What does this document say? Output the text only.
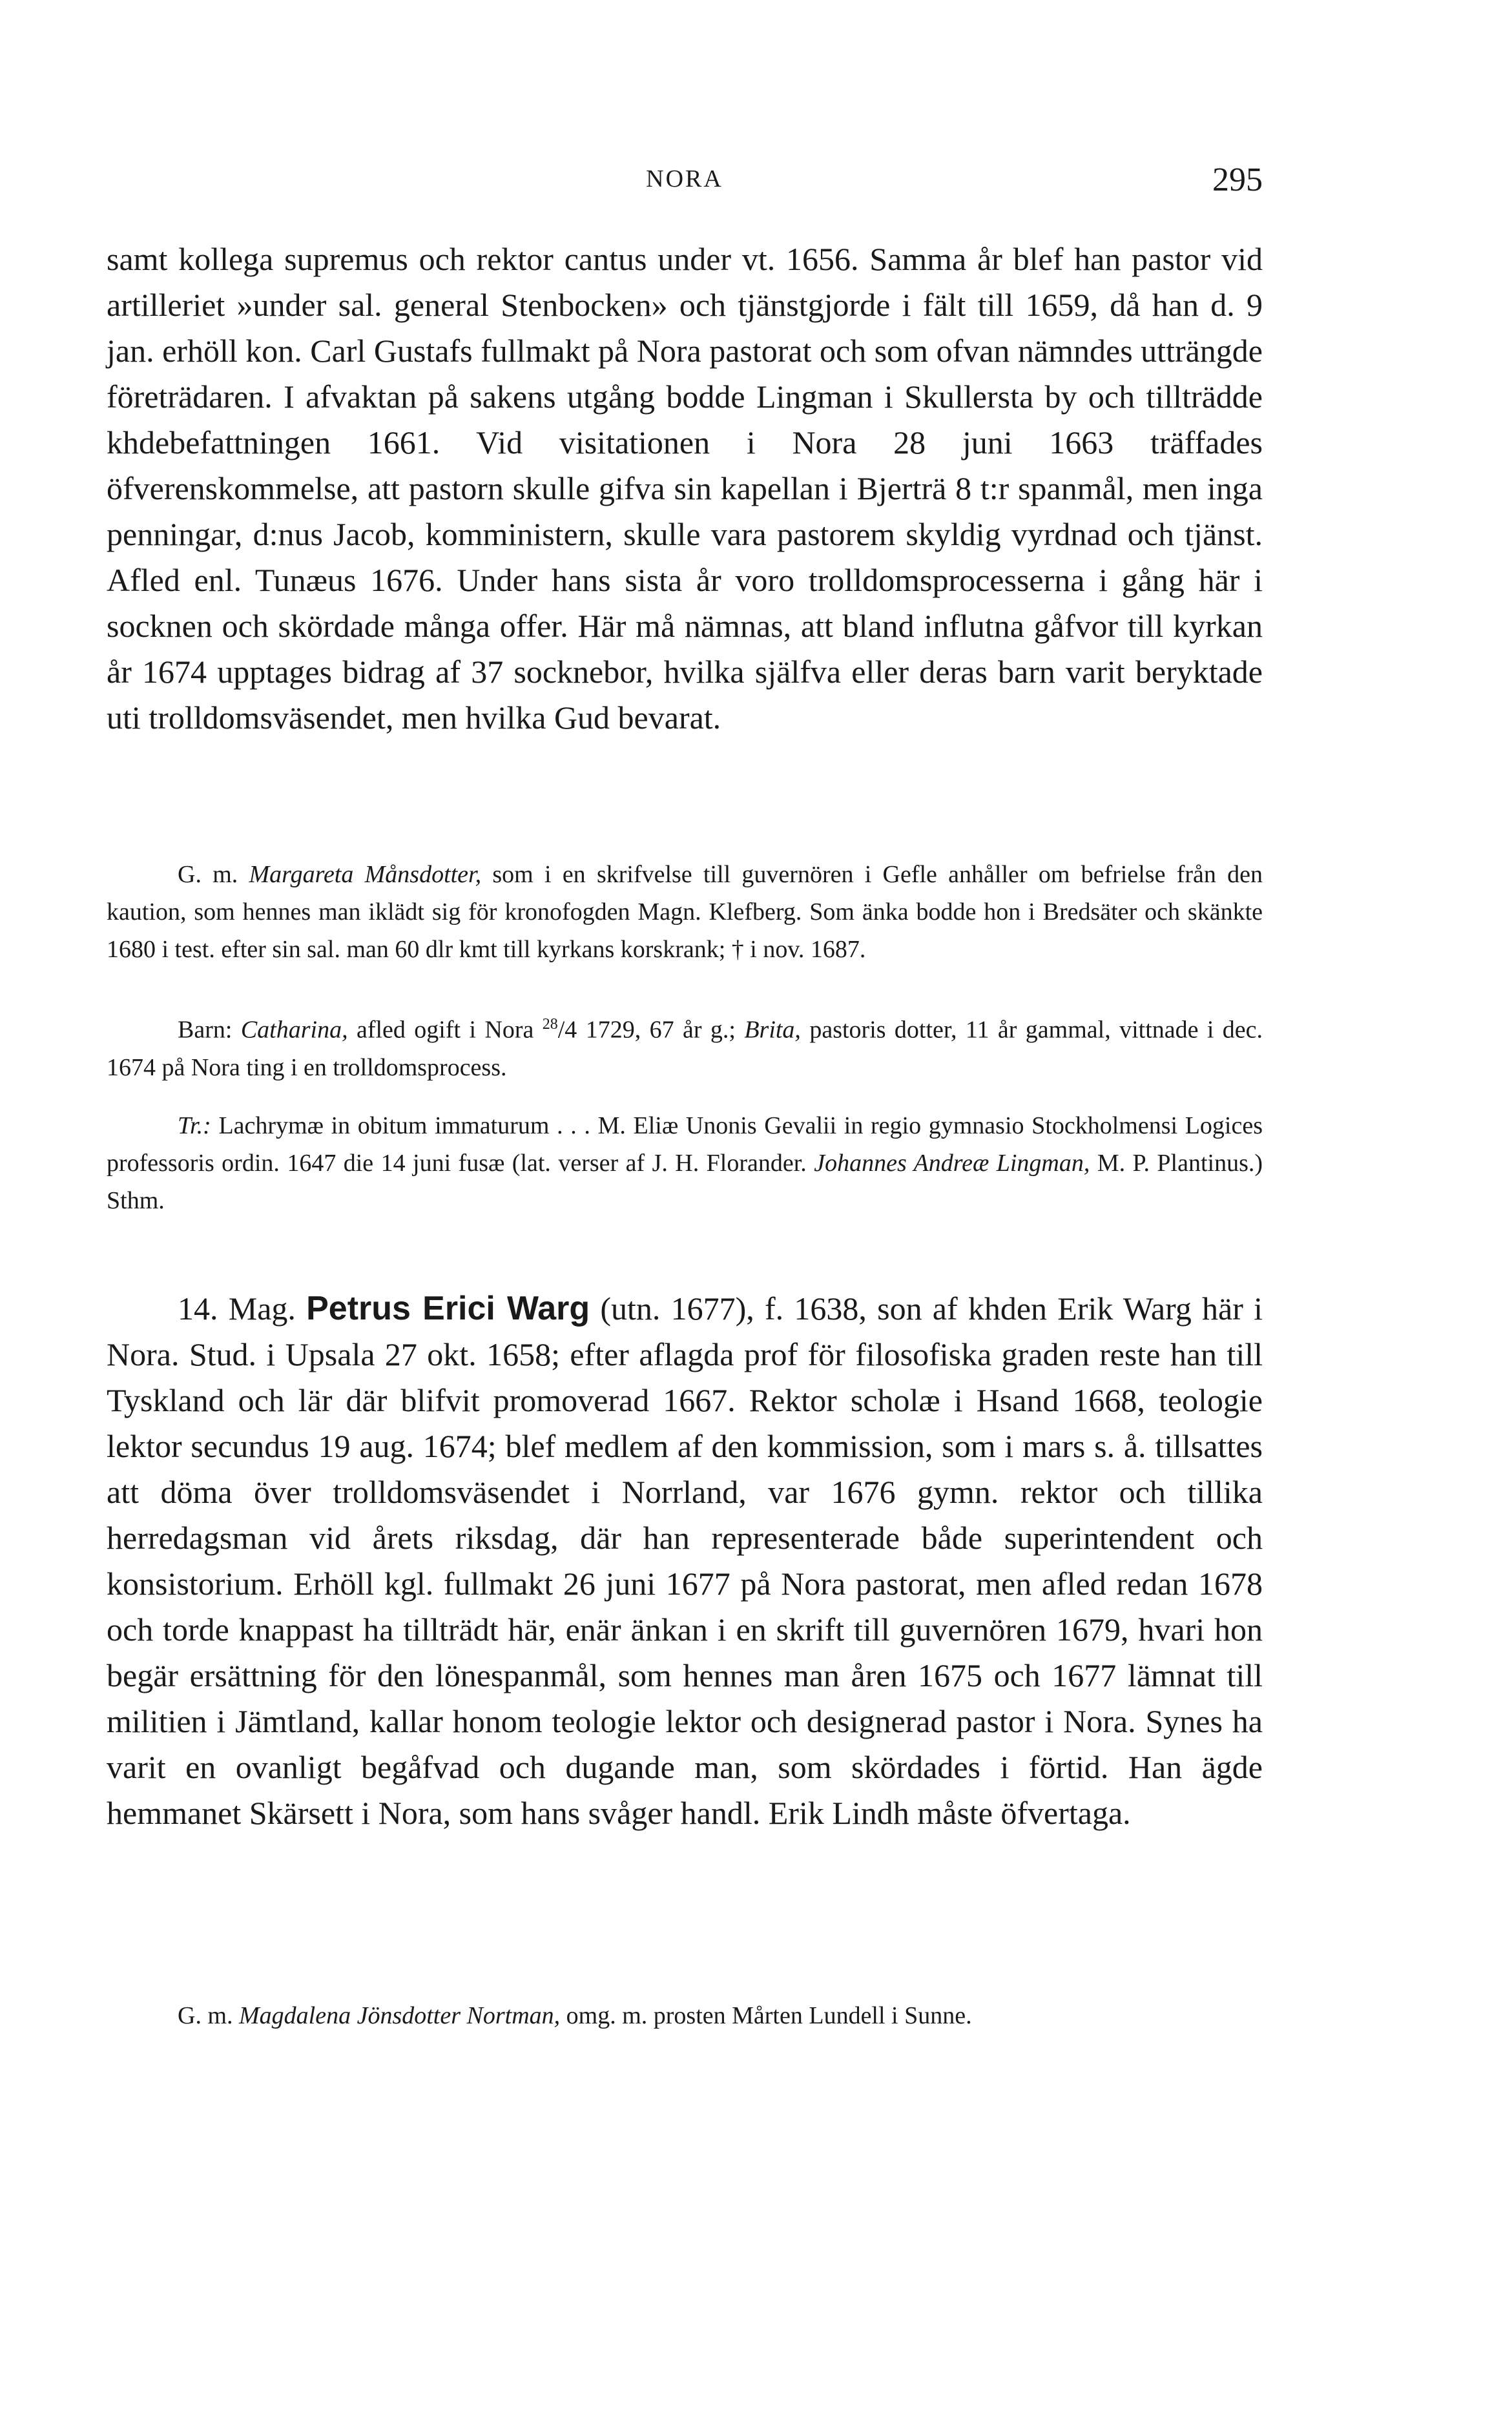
NORA	295

samt kollega supremus och rektor cantus under vt. 1656. Samma år blef han pastor vid artilleriet »under sal. general Stenbocken» och tjänstgjorde i fält till 1659, då han d. 9 jan. erhöll kon. Carl Gustafs fullmakt på Nora pastorat och som ofvan nämndes utträngde företrädaren. I afvaktan på sakens utgång bodde Lingman i Skullersta by och tillträdde khdebefattningen 1661. Vid visitationen i Nora 28 juni 1663 träffades öfverenskommelse, att pastorn skulle gifva sin kapellan i Bjerträ 8 t:r spanmål, men inga penningar, d:nus Jacob, komministern, skulle vara pastorem skyldig vyrdnad och tjänst. Afled enl. Tunæus 1676. Under hans sista år voro trolldomsprocesserna i gång här i socknen och skördade många offer. Här må nämnas, att bland influtna gåfvor till kyrkan år 1674 upptages bidrag af 37 socknebor, hvilka själfva eller deras barn varit beryktade uti trolldomsväsendet, men hvilka Gud bevarat.

G. m. Margareta Månsdotter, som i en skrifvelse till guvernören i Gefle anhåller om befrielse från den kaution, som hennes man iklädt sig för kronofogden Magn. Klefberg. Som änka bodde hon i Bredsäter och skänkte 1680 i test. efter sin sal. man 60 dlr kmt till kyrkans korskrank; † i nov. 1687.

Barn: Catharina, afled ogift i Nora $^{28}$/4 1729, 67 år g.; Brita, pastoris dotter, 11 år gammal, vittnade i dec. 1674 på Nora ting i en trolldomsprocess.

Tr.: Lachrymæ in obitum immaturum . . . M. Eliæ Unonis Gevalii in regio gymnasio Stockholmensi Logices professoris ordin. 1647 die 14 juni fusæ (lat. verser af J. H. Florander. Johannes Andreæ Lingman, M. P. Plantinus.) Sthm.

14. Mag. Petrus Erici Warg (utn. 1677), f. 1638, son af khden Erik Warg här i Nora. Stud. i Upsala 27 okt. 1658; efter aflagda prof för filosofiska graden reste han till Tyskland och lär där blifvit promoverad 1667. Rektor scholæ i Hsand 1668, teologie lektor secundus 19 aug. 1674; blef medlem af den kommission, som i mars s. å. tillsattes att döma över trolldomsväsendet i Norrland, var 1676 gymn. rektor och tillika herredagsman vid årets riksdag, där han representerade både superintendent och konsistorium. Erhöll kgl. fullmakt 26 juni 1677 på Nora pastorat, men afled redan 1678 och torde knappast ha tillträdt här, enär änkan i en skrift till guvernören 1679, hvari hon begär ersättning för den lönespanmål, som hennes man åren 1675 och 1677 lämnat till militien i Jämtland, kallar honom teologie lektor och designerad pastor i Nora. Synes ha varit en ovanligt begåfvad och dugande man, som skördades i förtid. Han ägde hemmanet Skärsett i Nora, som hans svåger handl. Erik Lindh måste öfvertaga.

G. m. Magdalena Jönsdotter Nortman, omg. m. prosten Mårten Lundell i Sunne.
